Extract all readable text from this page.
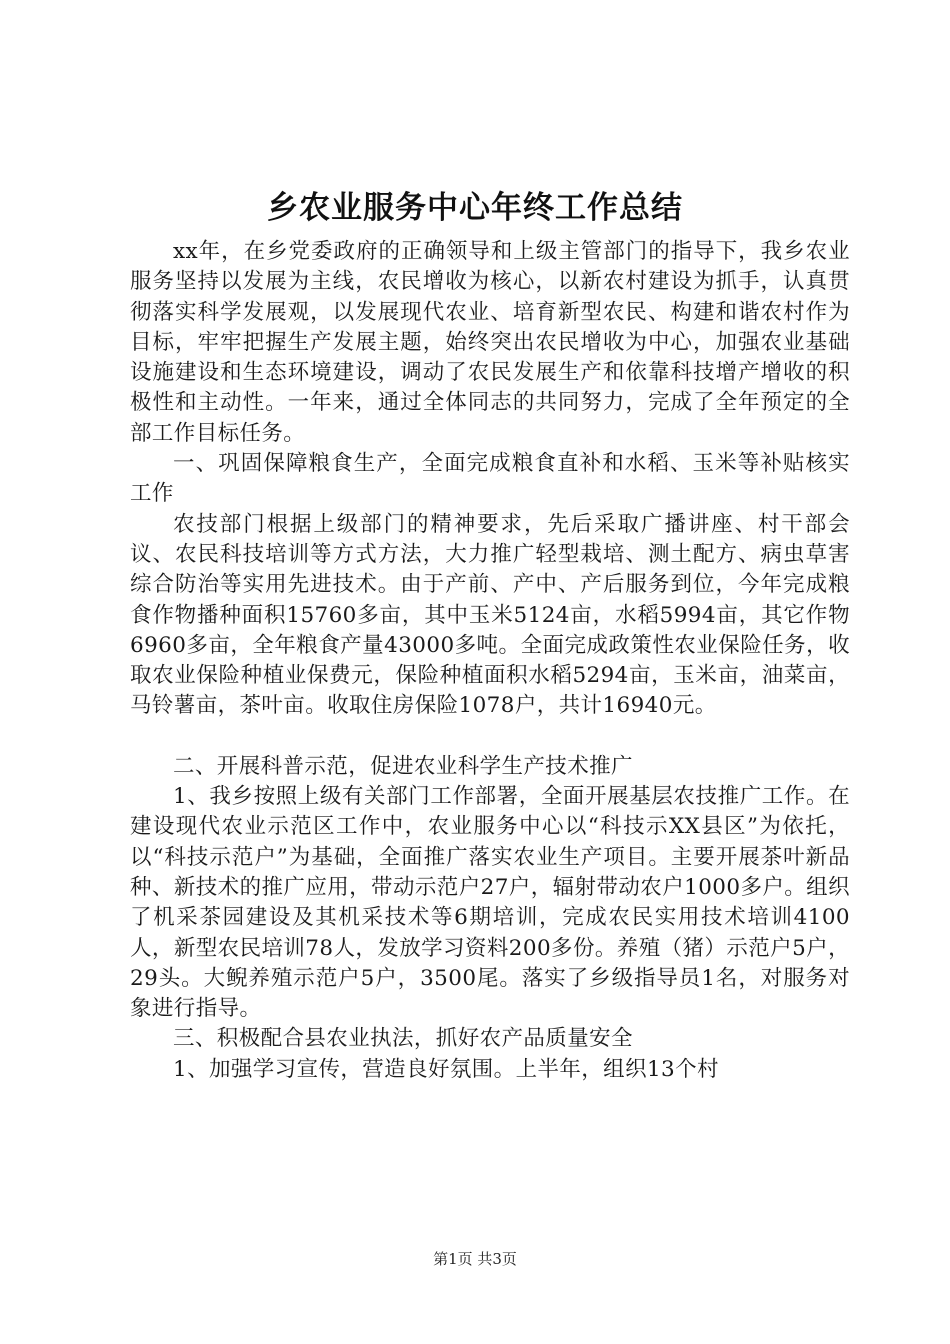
乡农业服务中心年终工作总结

xx年，在乡党委政府的正确领导和上级主管部门的指导下，我乡农业服务坚持以发展为主线，农民增收为核心，以新农村建设为抓手，认真贯彻落实科学发展观，以发展现代农业、培育新型农民、构建和谐农村作为目标，牢牢把握生产发展主题，始终突出农民增收为中心，加强农业基础设施建设和生态环境建设，调动了农民发展生产和依靠科技增产增收的积极性和主动性。一年来，通过全体同志的共同努力，完成了全年预定的全部工作目标任务。

一、巩固保障粮食生产，全面完成粮食直补和水稻、玉米等补贴核实工作

农技部门根据上级部门的精神要求，先后采取广播讲座、村干部会议、农民科技培训等方式方法，大力推广轻型栽培、测土配方、病虫草害综合防治等实用先进技术。由于产前、产中、产后服务到位，今年完成粮食作物播种面积15760多亩，其中玉米5124亩，水稻5994亩，其它作物6960多亩，全年粮食产量43000多吨。全面完成政策性农业保险任务，收取农业保险种植业保费元，保险种植面积水稻5294亩，玉米亩，油菜亩，马铃薯亩，茶叶亩。收取住房保险1078户，共计16940元。

二、开展科普示范，促进农业科学生产技术推广

1、我乡按照上级有关部门工作部署，全面开展基层农技推广工作。在建设现代农业示范区工作中，农业服务中心以“科技示XX县区”为依托，以“科技示范户”为基础，全面推广落实农业生产项目。主要开展茶叶新品种、新技术的推广应用，带动示范户27户，辐射带动农户1000多户。组织了机采茶园建设及其机采技术等6期培训，完成农民实用技术培训4100人，新型农民培训78人，发放学习资料200多份。养殖（猪）示范户5户，29头。大鲵养殖示范户5户，3500尾。落实了乡级指导员1名，对服务对象进行指导。

三、积极配合县农业执法，抓好农产品质量安全

1、加强学习宣传，营造良好氛围。上半年，组织13个村

第1页 共3页
